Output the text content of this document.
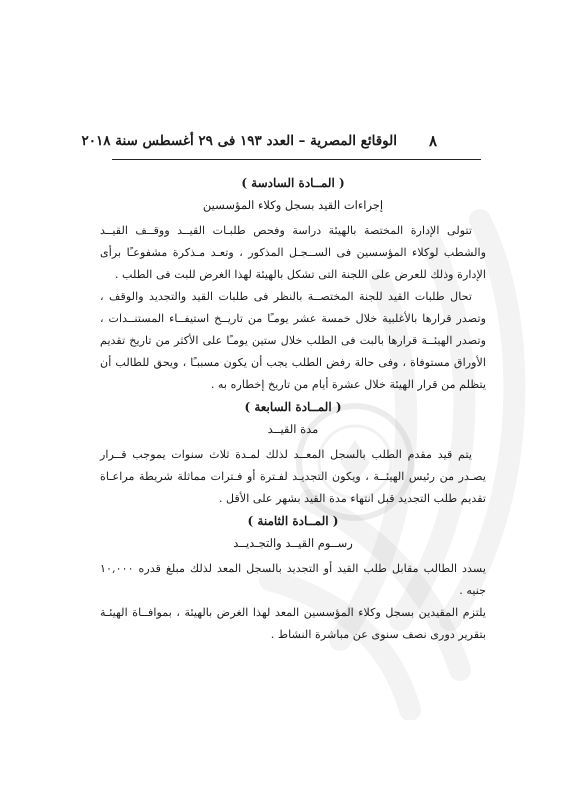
٨
الوقائع المصرية – العدد ١٩٣ فى ٢٩ أغسطس سنة ٢٠١٨

( المــادة السادسة )

إجراءات القيد بسجل وكلاء المؤسسين

تتولى الإدارة المختصة بالهيئة دراسة وفحص طلبـات القيــد ووقــف القيــد والشطب لوكلاء المؤسسين فى الســجـل المذكور ، وتعـد مـذكرة مشفوعـًا برأى الإدارة وذلك للعرض على اللجنة التى تشكل بالهيئة لهذا الغرض للبت فى الطلب .

تحال طلبات القيد للجنة المختصــة بالنظر فى طلبات القيد والتجديد والوقف ، وتصدر قرارها بالأغلبية خلال خمسة عشر يومـًا من تاريــخ استيفــاء المستنــدات ، وتصدر الهيئــة قرارها بالبت فى الطلب خلال ستين يومـًا على الأكثر من تاريخ تقديم الأوراق مستوفاة ، وفى حالة رفض الطلب يجب أن يكون مسببـًا ، ويحق للطالب أن يتظلم من قرار الهيئة خلال عشرة أيام من تاريخ إخطاره به .

( المــادة السابعة )

مدة القيــد

يتم قيد مقدم الطلب بالسجل المعــد لذلك لمـدة ثلاث سنوات يموجب قــرار يصـدر من رئيس الهيئــة ، ويكون التجديـد لفـترة أو فـترات مماثلة شريطة مراعـاة تقديم طلب التجديد قبل انتهاء مدة القيد بشهر على الأقل .

( المــادة الثامنة )

رســوم القيــد والتجـديــد

يسدد الطالب مقابل طلب القيد أو التجديد بالسجل المعد لذلك مبلغ قدره ١٠,٠٠٠ جنيه .

يلتزم المقيدين بسجل وكلاء المؤسسين المعد لهذا الغرض بالهيئة ، بموافــاة الهيئـة بتقرير دورى نصف سنوى عن مباشرة النشاط .
